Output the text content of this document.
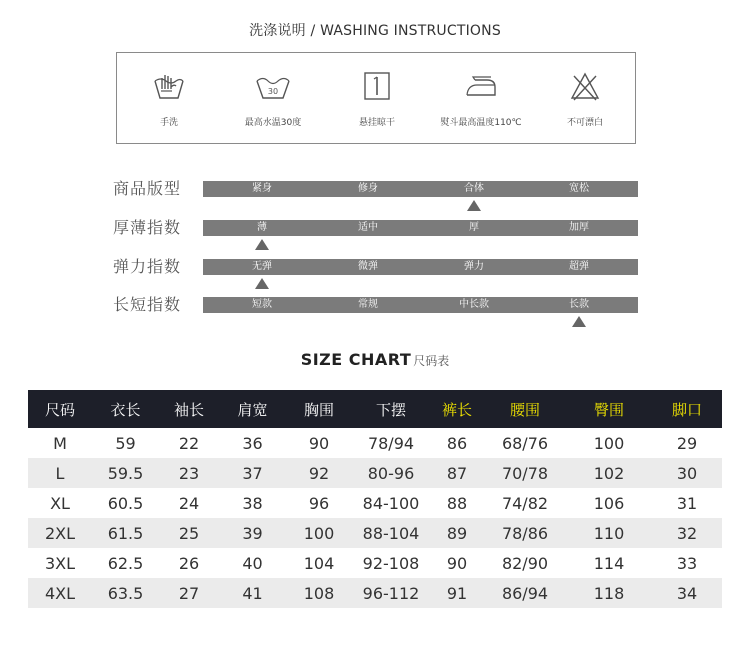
洗涤说明 / WASHING INSTRUCTIONS
手洗
30
最高水温30度	悬挂晾干	熨斗最高温度110℃	不可漂白
商品版型	紧身	修身	合体	宽松
厚薄指数	薄	适中	厚	加厚
弹力指数	无弹	微弹	弹力	超弹
长短指数	短款	常规	中长款	长款
SIZE CHART 尺码表
尺码	衣长	袖长	肩宽	胸围	下摆	裤长	腰围	臀围	脚口
M	59	22	36	90	78/94	86	68/76	100	29
L	59.5	23	37	92	80-96	87	70/78	102	30
XL	60.5	24	38	96	84-100	88	74/82	106	31
2XL	61.5	25	39	100	88-104	89	78/86	110	32
3XL	62.5	26	40	104	92-108	90	82/90	114	33
4XL	63.5	27	41	108	96-112	91	86/94	118	34
